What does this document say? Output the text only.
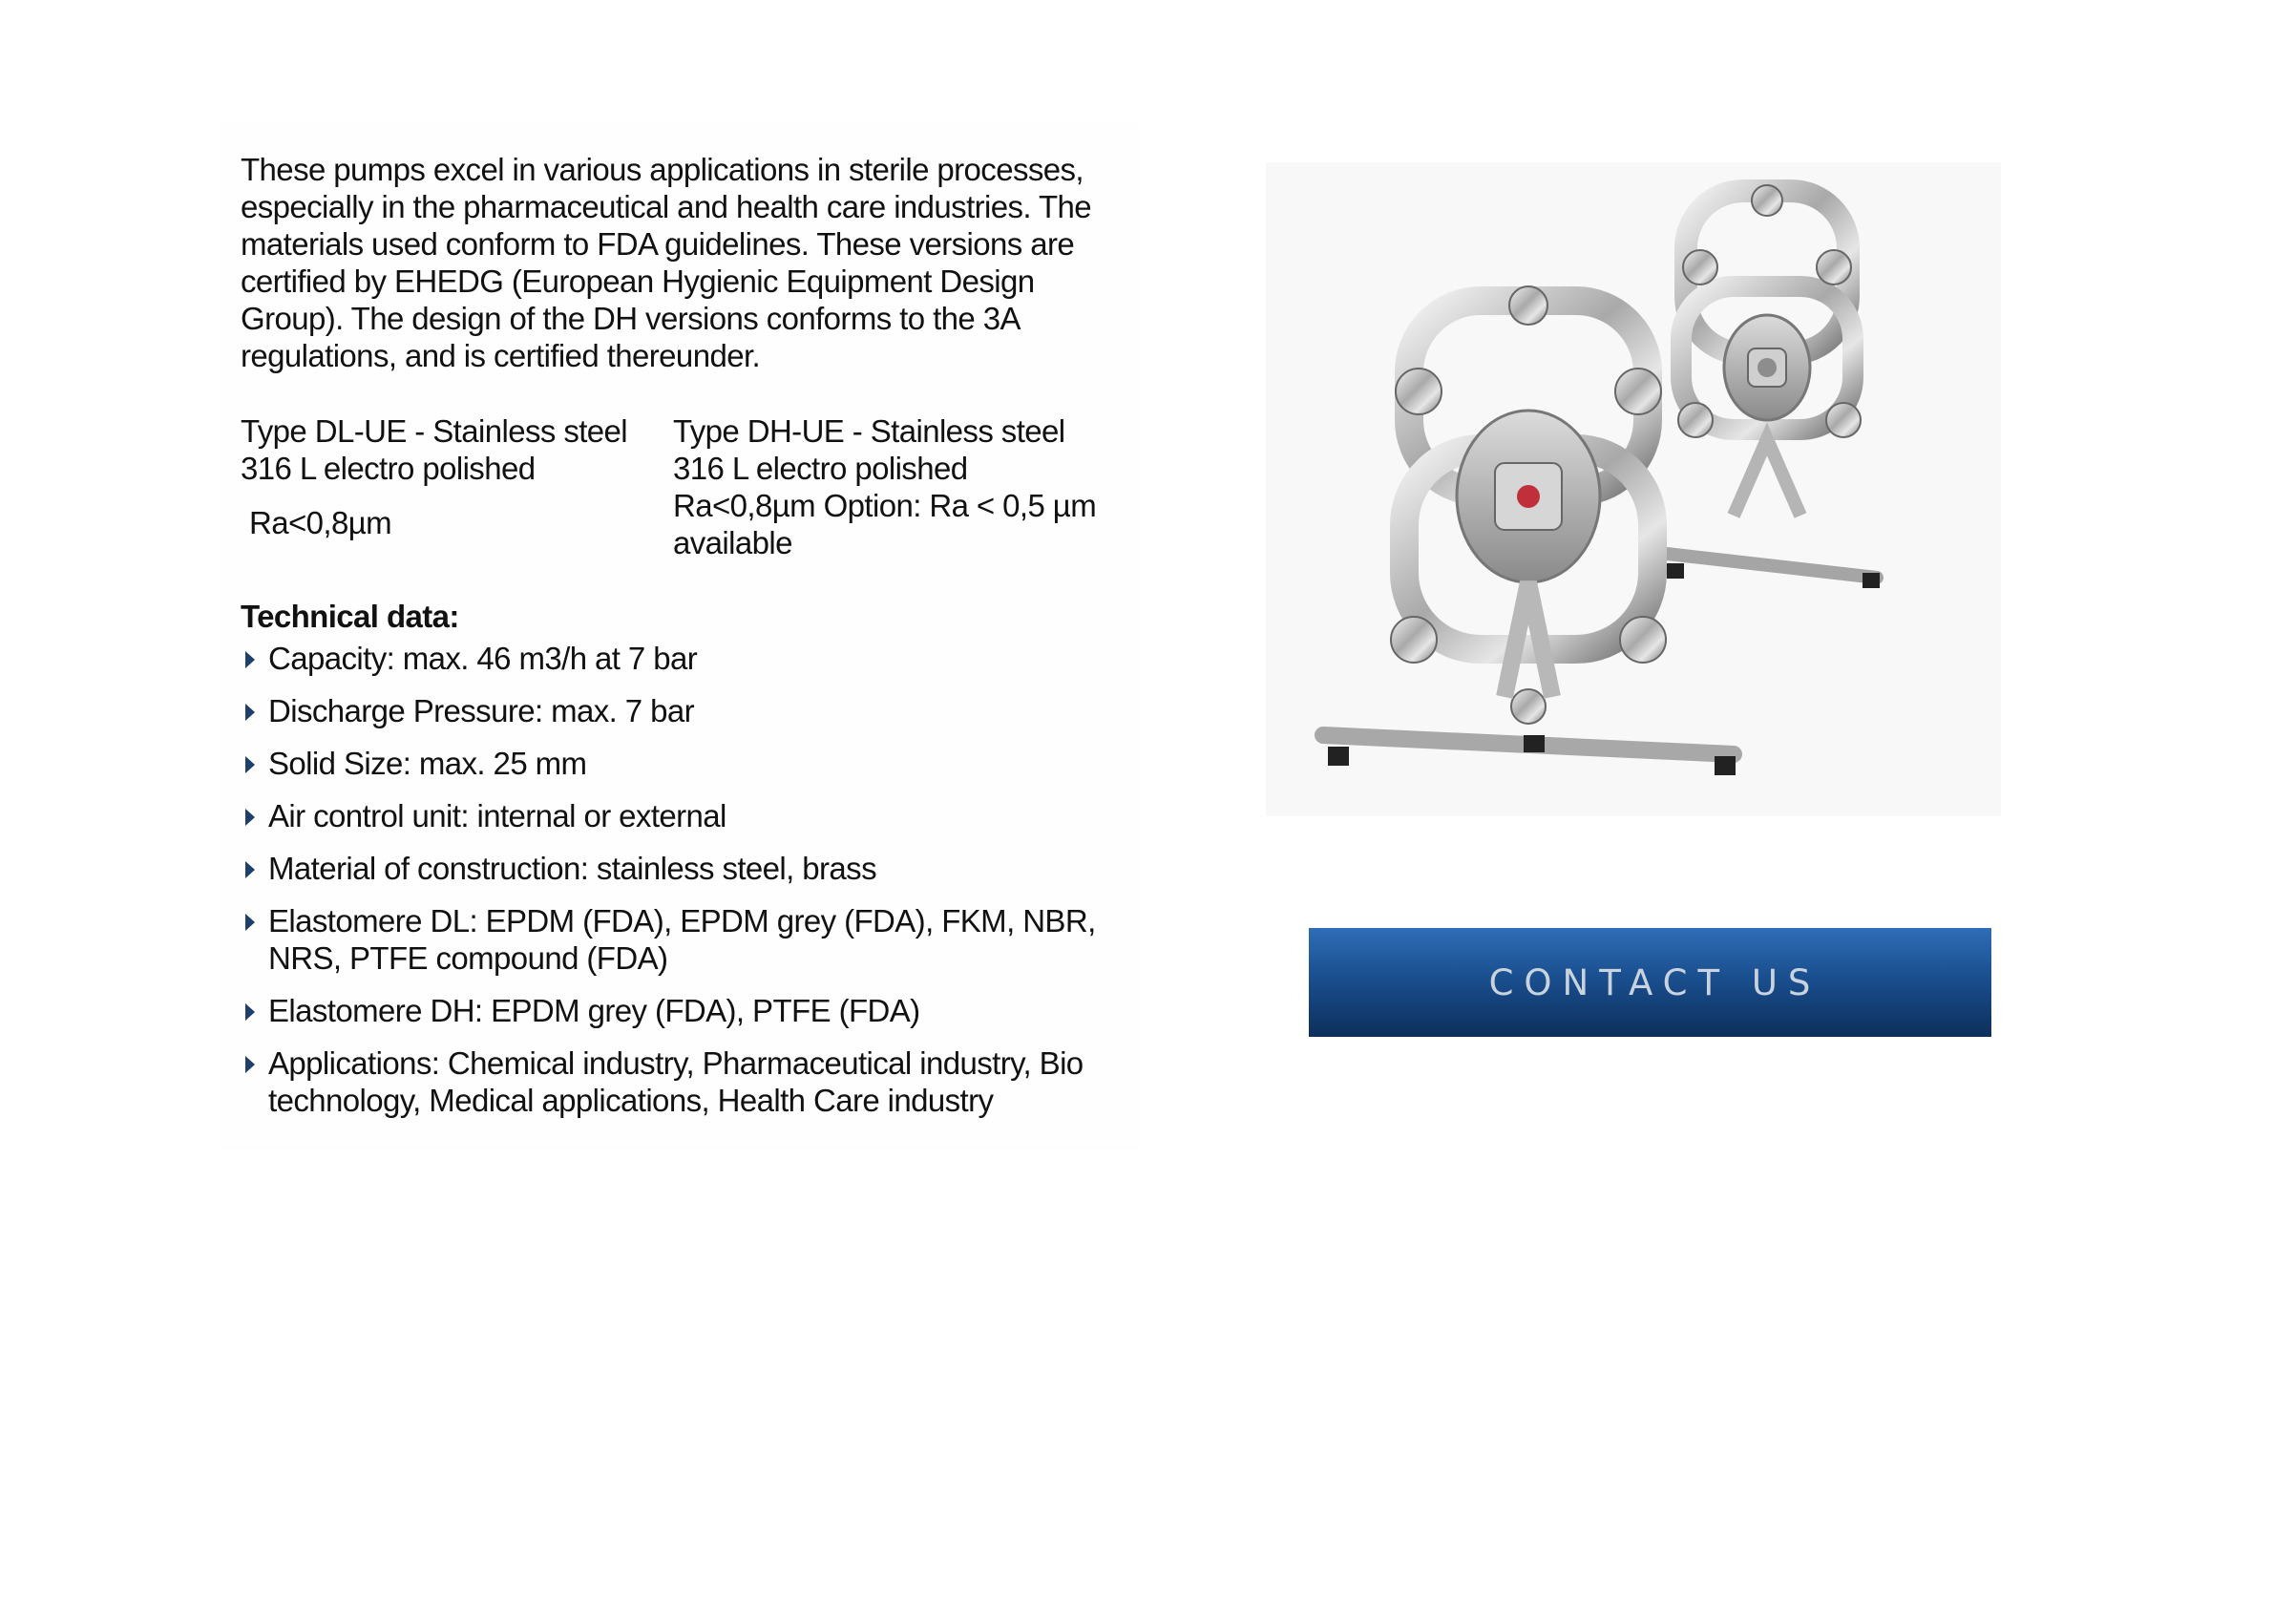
These pumps excel in various applications in sterile processes, especially in the pharmaceutical and health care industries. The materials used conform to FDA guidelines. These versions are certified by EHEDG (European Hygienic Equipment Design Group). The design of the DH versions conforms to the 3A regulations, and is certified thereunder.

Type DL-UE - Stainless steel
316 L electro polished
Ra<0,8µm
Type DH-UE - Stainless steel
316 L electro polished
Ra<0,8µm Option: Ra < 0,5 µm
available
Technical data:
Capacity: max. 46 m3/h at 7 bar
Discharge Pressure: max. 7 bar
Solid Size: max. 25 mm
Air control unit: internal or external
Material of construction: stainless steel, brass
Elastomere DL: EPDM (FDA), EPDM grey (FDA), FKM, NBR, NRS, PTFE compound (FDA)
Elastomere DH: EPDM grey (FDA), PTFE (FDA)
Applications: Chemical industry, Pharmaceutical industry, Bio technology, Medical applications, Health Care industry
CONTACT US
